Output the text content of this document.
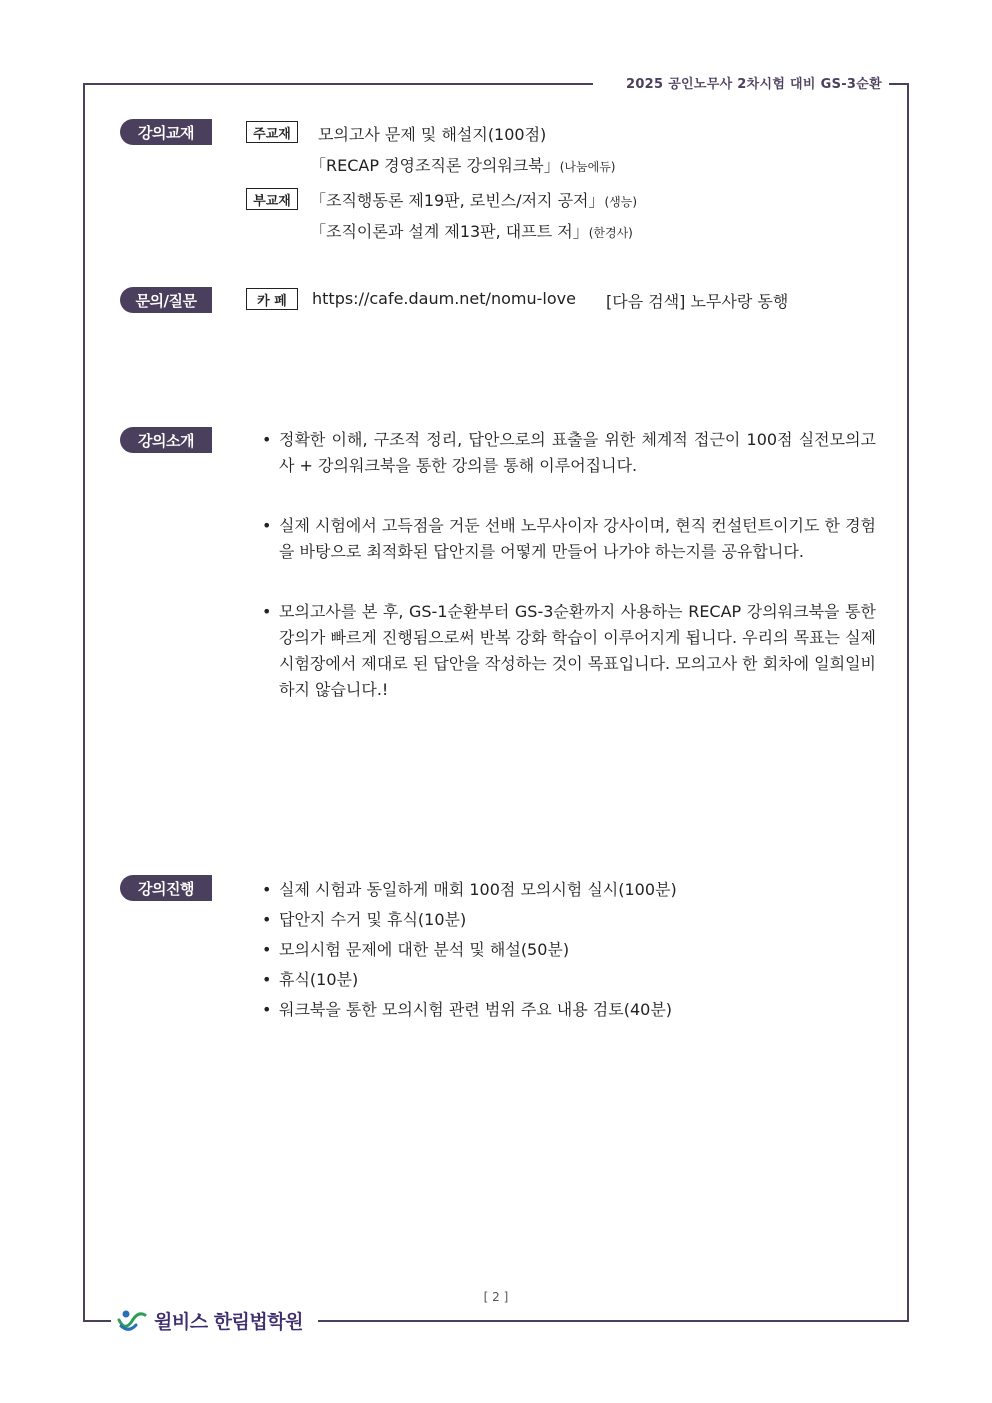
2025 공인노무사 2차시험 대비 GS-3순환
강의교재	주교재	모의고사 문제 및 해설지(100점)
「RECAP 경영조직론 강의워크북」(나눔에듀)
부교재	「조직행동론 제19판, 로빈스/저지 공저」(생능)
「조직이론과 설계 제13판, 대프트 저」(한경사)
문의/질문	카 페	https://cafe.daum.net/nomu-love [다음 검색] 노무사랑 동행
강의소개	• 정확한 이해, 구조적 정리, 답안으로의 표출을 위한 체계적 접근이 100점 실전모의고사 + 강의워크북을 통한 강의를 통해 이루어집니다.
• 실제 시험에서 고득점을 거둔 선배 노무사이자 강사이며, 현직 컨설턴트이기도 한 경험을 바탕으로 최적화된 답안지를 어떻게 만들어 나가야 하는지를 공유합니다.
• 모의고사를 본 후, GS-1순환부터 GS-3순환까지 사용하는 RECAP 강의워크북을 통한 강의가 빠르게 진행됨으로써 반복 강화 학습이 이루어지게 됩니다. 우리의 목표는 실제 시험장에서 제대로 된 답안을 작성하는 것이 목표입니다. 모의고사 한 회차에 일희일비하지 않습니다.!
강의진행	• 실제 시험과 동일하게 매회 100점 모의시험 실시(100분)
• 답안지 수거 및 휴식(10분)
• 모의시험 문제에 대한 분석 및 해설(50분)
• 휴식(10분)
• 워크북을 통한 모의시험 관련 범위 주요 내용 검토(40분)
[ 2 ]
윌비스 한림법학원
